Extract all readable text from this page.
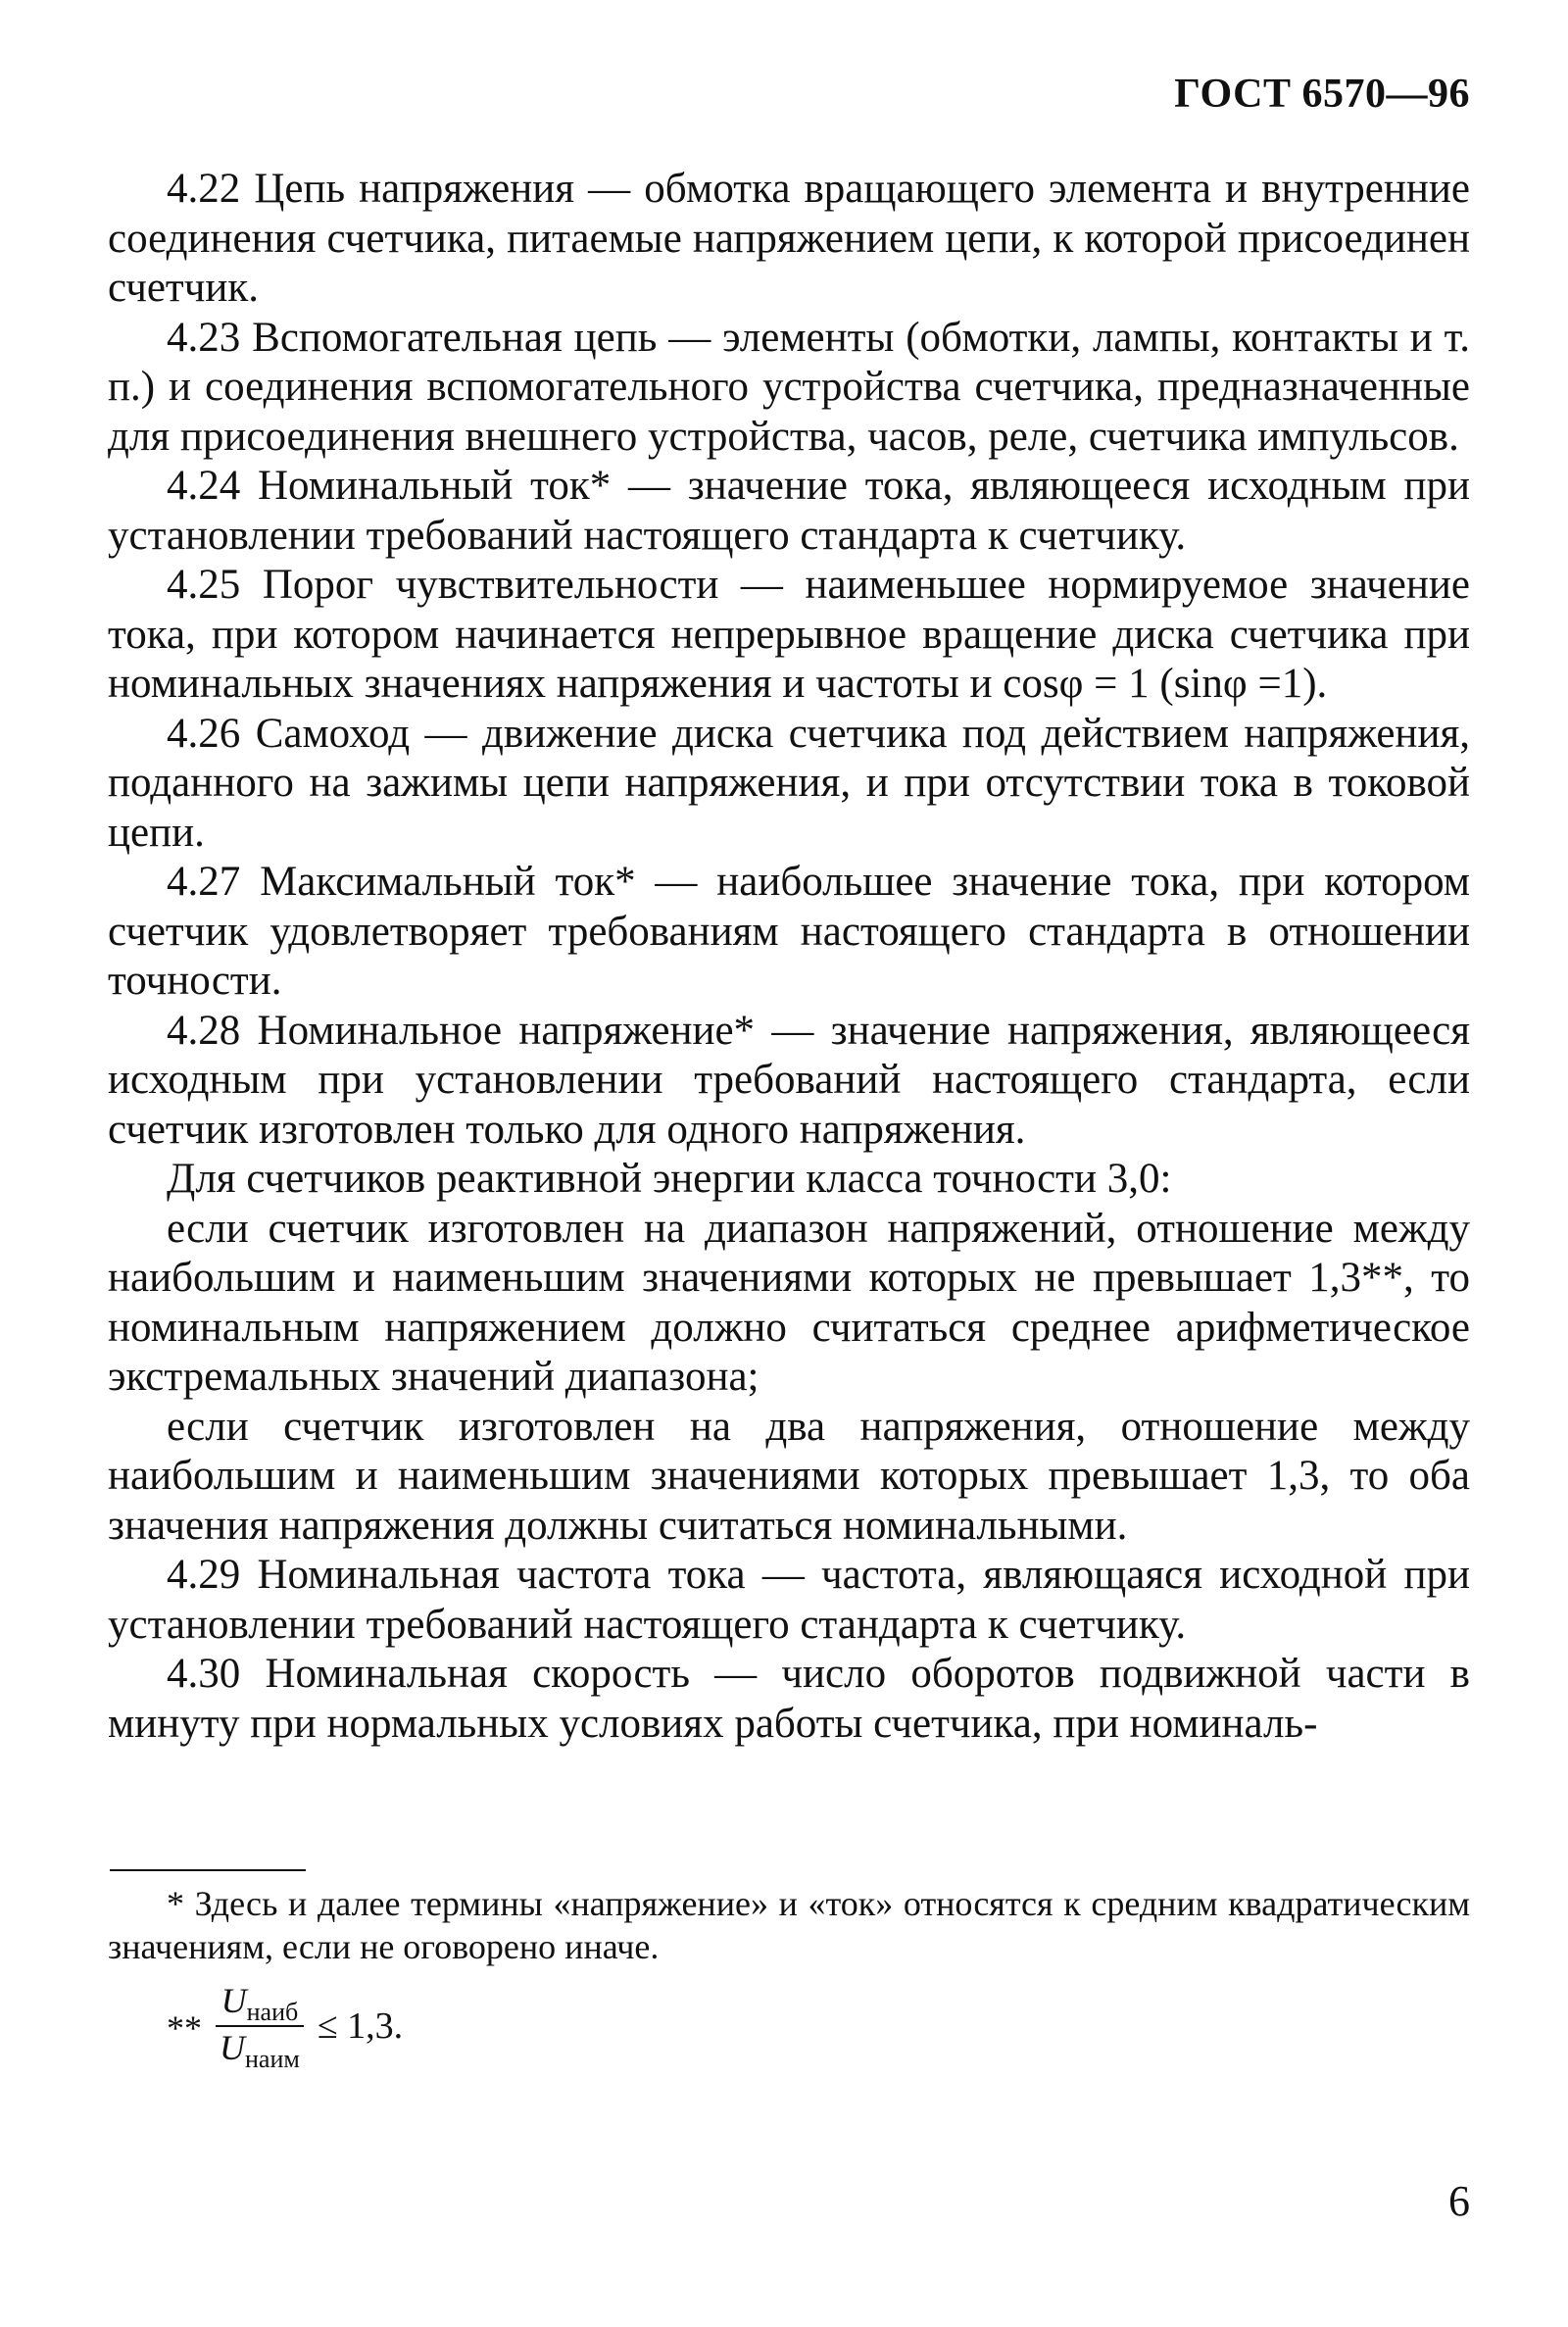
ГОСТ 6570—96

4.22 Цепь напряжения — обмотка вращающего элемента и внутренние соединения счетчика, питаемые напряжением цепи, к которой присоединен счетчик.

4.23 Вспомогательная цепь — элементы (обмотки, лампы, контакты и т. п.) и соединения вспомогательного устройства счетчика, предназначенные для присоединения внешнего устройства, часов, реле, счетчика импульсов.

4.24 Номинальный ток* — значение тока, являющееся исходным при установлении требований настоящего стандарта к счетчику.

4.25 Порог чувствительности — наименьшее нормируемое значение тока, при котором начинается непрерывное вращение диска счетчика при номинальных значениях напряжения и частоты и cosφ = 1 (sinφ =1).

4.26 Самоход — движение диска счетчика под действием напряжения, поданного на зажимы цепи напряжения, и при отсутствии тока в токовой цепи.

4.27 Максимальный ток* — наибольшее значение тока, при котором счетчик удовлетворяет требованиям настоящего стандарта в отношении точности.

4.28 Номинальное напряжение* — значение напряжения, являющееся исходным при установлении требований настоящего стандарта, если счетчик изготовлен только для одного напряжения.

Для счетчиков реактивной энергии класса точности 3,0:

если счетчик изготовлен на диапазон напряжений, отношение между наибольшим и наименьшим значениями которых не превышает 1,3**, то номинальным напряжением должно считаться среднее арифметическое экстремальных значений диапазона;

если счетчик изготовлен на два напряжения, отношение между наибольшим и наименьшим значениями которых превышает 1,3, то оба значения напряжения должны считаться номинальными.

4.29 Номинальная частота тока — частота, являющаяся исходной при установлении требований настоящего стандарта к счетчику.

4.30 Номинальная скорость — число оборотов подвижной части в минуту при нормальных условиях работы счетчика, при номиналь-

* Здесь и далее термины «напряжение» и «ток» относятся к средним квадратическим значениям, если не оговорено иначе.

** $\frac{U_{наиб}}{U_{наим}} \le 1,3$.
6
